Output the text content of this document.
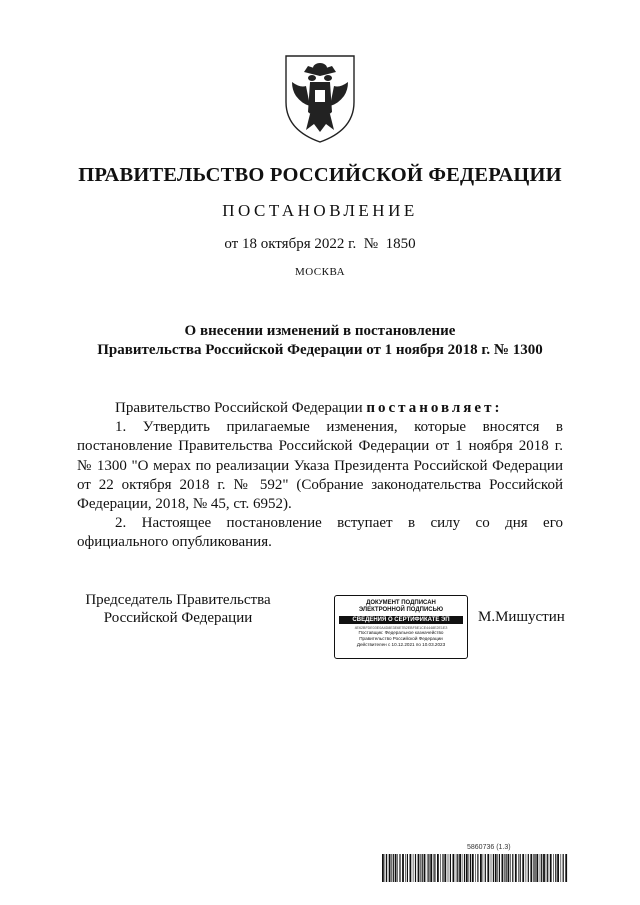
ПРАВИТЕЛЬСТВО РОССИЙСКОЙ ФЕДЕРАЦИИ
ПОСТАНОВЛЕНИЕ
от 18 октября 2022 г.  №  1850
МОСКВА
О внесении изменений в постановление
Правительства Российской Федерации от 1 ноября 2018 г. № 1300

Правительство Российской Федерации постановляет:

1. Утвердить прилагаемые изменения, которые вносятся в постановление Правительства Российской Федерации от 1 ноября 2018 г. № 1300 "О мерах по реализации Указа Президента Российской Федерации от 22 октября 2018 г. № 592" (Собрание законодательства Российской Федерации, 2018, № 45, ст. 6952).

2. Настоящее постановление вступает в силу со дня его официального опубликования.

Председатель Правительства
Российской Федерации
ДОКУМЕНТ ПОДПИСАН
ЭЛЕКТРОННОЙ ПОДПИСЬЮ
СВЕДЕНИЯ О СЕРТИФИКАТЕ ЭП
4ЕК2ВFDЕ0ЗЕ0А4D8Е3Е6Е7В2ЕВF5Е1СЕ4448Е2Е1ЕЗ
Поставщик: Федеральное казначейство
Правительство Российской Федерации
Действителен с 10.12.2021 по 10.03.2023
М.Мишустин
5860736 (1.3)
